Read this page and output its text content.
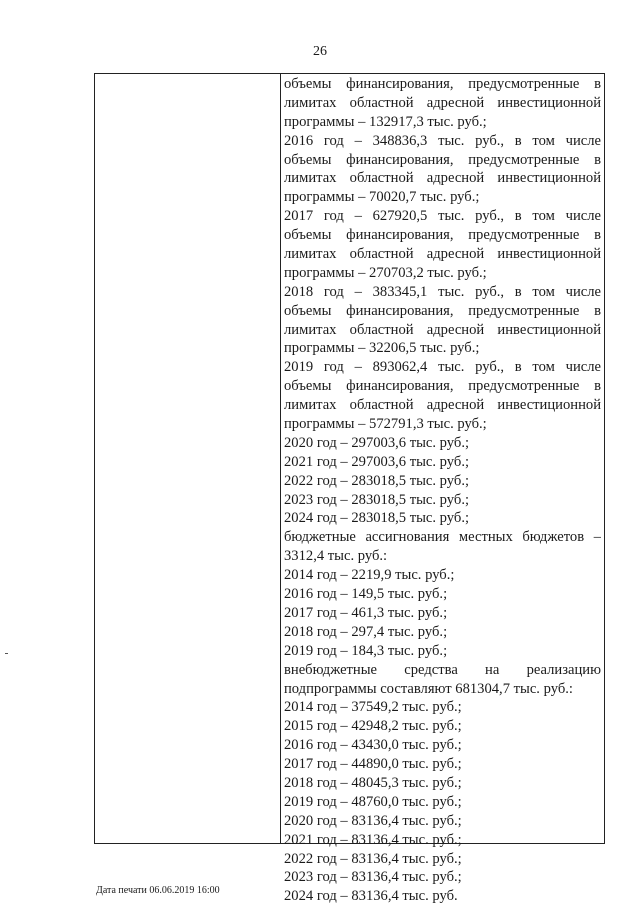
26
объемы финансирования, предусмотренные в
лимитах областной адресной инвестиционной
программы – 132917,3 тыс. руб.;
2016 год – 348836,3 тыс. руб., в том числе
объемы финансирования, предусмотренные в
лимитах областной адресной инвестиционной
программы – 70020,7 тыс. руб.;
2017 год – 627920,5 тыс. руб., в том числе
объемы финансирования, предусмотренные в
лимитах областной адресной инвестиционной
программы – 270703,2 тыс. руб.;
2018 год – 383345,1 тыс. руб., в том числе
объемы финансирования, предусмотренные в
лимитах областной адресной инвестиционной
программы – 32206,5 тыс. руб.;
2019 год – 893062,4 тыс. руб., в том числе
объемы финансирования, предусмотренные в
лимитах областной адресной инвестиционной
программы – 572791,3 тыс. руб.;
2020 год – 297003,6 тыс. руб.;
2021 год – 297003,6 тыс. руб.;
2022 год – 283018,5 тыс. руб.;
2023 год – 283018,5 тыс. руб.;
2024 год – 283018,5 тыс. руб.;
бюджетные ассигнования местных бюджетов –
3312,4 тыс. руб.:
2014 год – 2219,9 тыс. руб.;
2016 год – 149,5 тыс. руб.;
2017 год – 461,3 тыс. руб.;
2018 год – 297,4 тыс. руб.;
2019 год – 184,3 тыс. руб.;
внебюджетные средства на реализацию
подпрограммы составляют 681304,7 тыс. руб.:
2014 год – 37549,2 тыс. руб.;
2015 год – 42948,2 тыс. руб.;
2016 год – 43430,0 тыс. руб.;
2017 год – 44890,0 тыс. руб.;
2018 год – 48045,3 тыс. руб.;
2019 год – 48760,0 тыс. руб.;
2020 год – 83136,4 тыс. руб.;
2021 год – 83136,4 тыс. руб.;
2022 год – 83136,4 тыс. руб.;
2023 год – 83136,4 тыс. руб.;
2024 год – 83136,4 тыс. руб.
Дата печати 06.06.2019 16:00
